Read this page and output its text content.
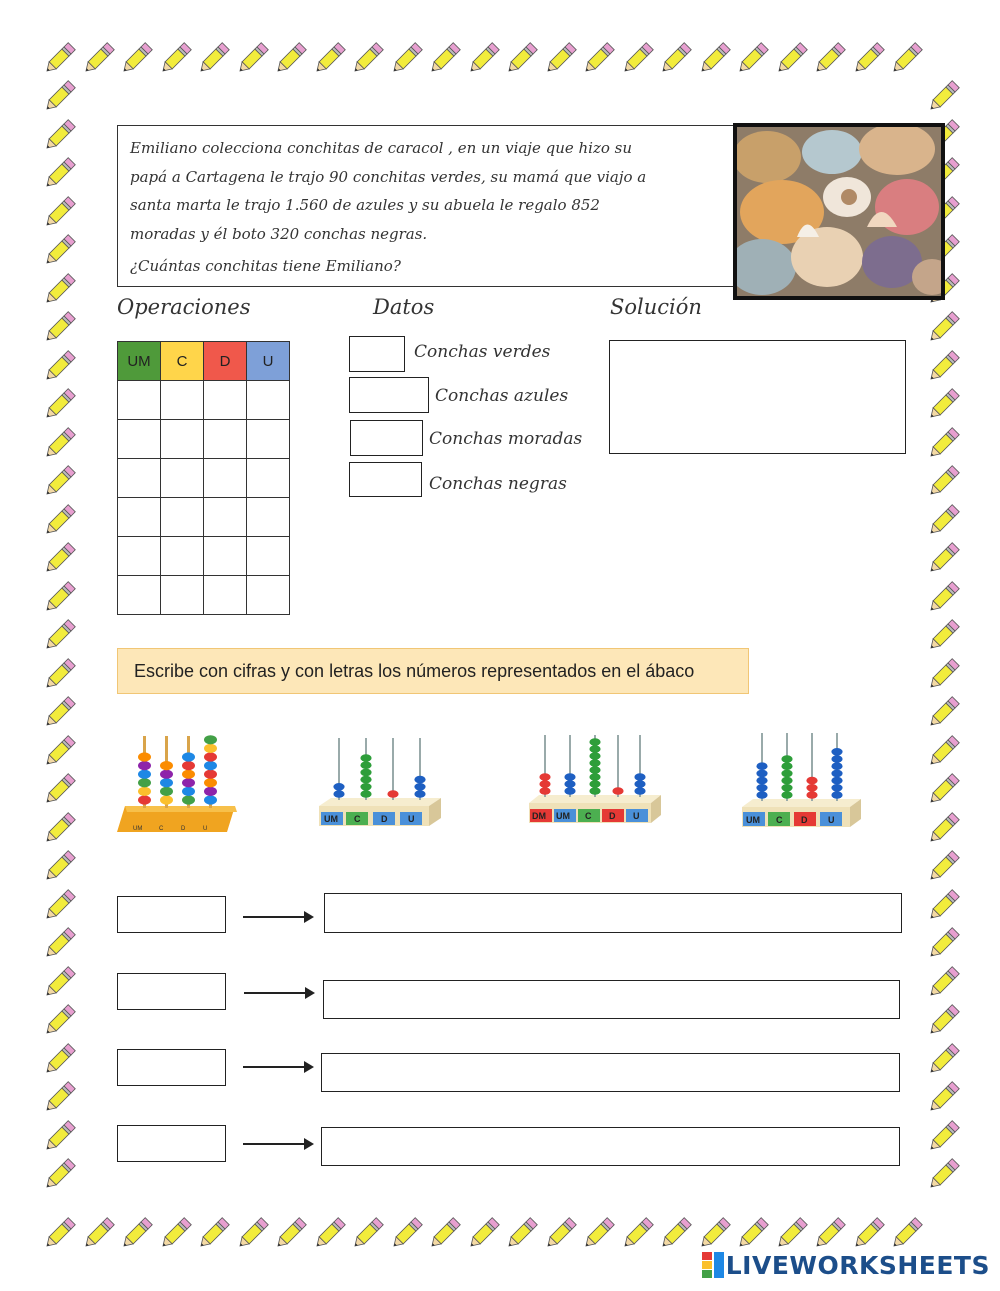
Emiliano colecciona conchitas de caracol , en un viaje que hizo su

papá a Cartagena le trajo 90 conchitas verdes, su mamá que viajo a

santa marta le trajo 1.560 de azules y su abuela le regalo 852

moradas y él boto 320 conchas negras.

¿Cuántas conchitas tiene Emiliano?

Operaciones	Datos	Solución
UM	C	D	U

				Conchas verdes
Conchas azules
Conchas moradas
Conchas negras
Escribe con cifras y con letras los números representados en el ábaco
UM	C	D	U
UM C D U	DM UM C D U	UM C D U
LIVEWORKSHEETS
